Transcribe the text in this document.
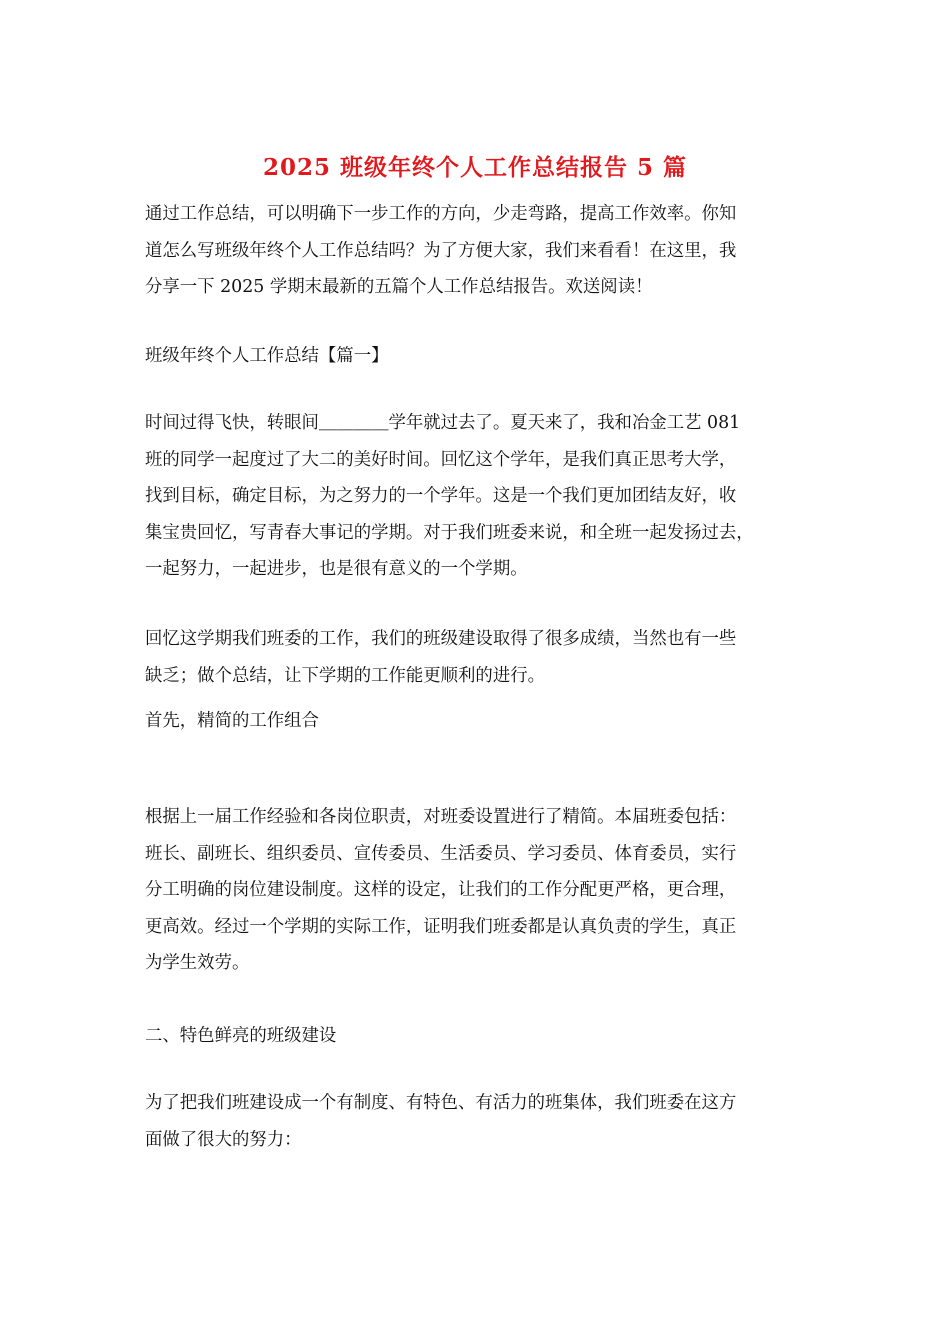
2025 班级年终个人工作总结报告 5 篇
通过工作总结，可以明确下一步工作的方向，少走弯路，提高工作效率。你知
道怎么写班级年终个人工作总结吗？为了方便大家，我们来看看！在这里，我
分享一下 2025 学期末最新的五篇个人工作总结报告。欢送阅读！
班级年终个人工作总结【篇一】
时间过得飞快，转眼间＿＿＿＿学年就过去了。夏天来了，我和冶金工艺 081
班的同学一起度过了大二的美好时间。回忆这个学年，是我们真正思考大学，
找到目标，确定目标，为之努力的一个学年。这是一个我们更加团结友好，收
集宝贵回忆，写青春大事记的学期。对于我们班委来说，和全班一起发扬过去，
一起努力，一起进步，也是很有意义的一个学期。
回忆这学期我们班委的工作，我们的班级建设取得了很多成绩，当然也有一些
缺乏；做个总结，让下学期的工作能更顺利的进行。
首先，精简的工作组合
根据上一届工作经验和各岗位职责，对班委设置进行了精简。本届班委包括：
班长、副班长、组织委员、宣传委员、生活委员、学习委员、体育委员，实行
分工明确的岗位建设制度。这样的设定，让我们的工作分配更严格，更合理，
更高效。经过一个学期的实际工作，证明我们班委都是认真负责的学生，真正
为学生效劳。
二、特色鲜亮的班级建设
为了把我们班建设成一个有制度、有特色、有活力的班集体，我们班委在这方
面做了很大的努力：
